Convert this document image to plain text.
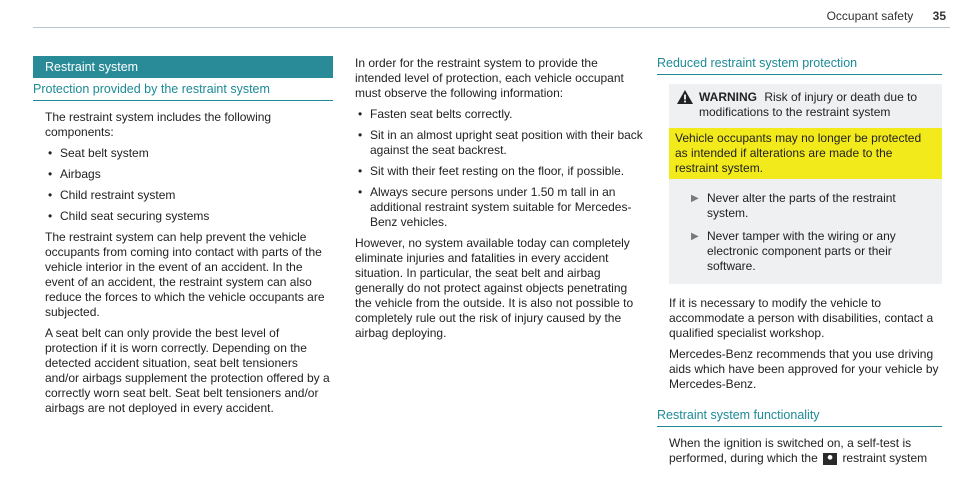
Occupant safety 35
Restraint system
Protection provided by the restraint system

The restraint system includes the following components:

• Seat belt system
• Airbags
• Child restraint system
• Child seat securing systems

The restraint system can help prevent the vehicle occupants from coming into contact with parts of the vehicle interior in the event of an accident. In the event of an accident, the restraint system can also reduce the forces to which the vehicle occupants are subjected.

A seat belt can only provide the best level of protection if it is worn correctly. Depending on the detected accident situation, seat belt tensioners and/or airbags supplement the protection offered by a correctly worn seat belt. Seat belt tensioners and/or airbags are not deployed in every accident.

In order for the restraint system to provide the intended level of protection, each vehicle occupant must observe the following information:

• Fasten seat belts correctly.
• Sit in an almost upright seat position with their back against the seat backrest.
• Sit with their feet resting on the floor, if possible.
• Always secure persons under 1.50 m tall in an additional restraint system suitable for Mercedes-Benz vehicles.

However, no system available today can completely eliminate injuries and fatalities in every accident situation. In particular, the seat belt and airbag generally do not protect against objects penetrating the vehicle from the outside. It is also not possible to completely rule out the risk of injury caused by the airbag deploying.

Reduced restraint system protection
WARNING Risk of injury or death due to modifications to the restraint system
Vehicle occupants may no longer be protected as intended if alterations are made to the restraint system.
▶ Never alter the parts of the restraint system.
▶ Never tamper with the wiring or any electronic component parts or their software.

If it is necessary to modify the vehicle to accommodate a person with disabilities, contact a qualified specialist workshop.

Mercedes-Benz recommends that you use driving aids which have been approved for your vehicle by Mercedes-Benz.

Restraint system functionality

When the ignition is switched on, a self-test is performed, during which the ⚫ restraint system
